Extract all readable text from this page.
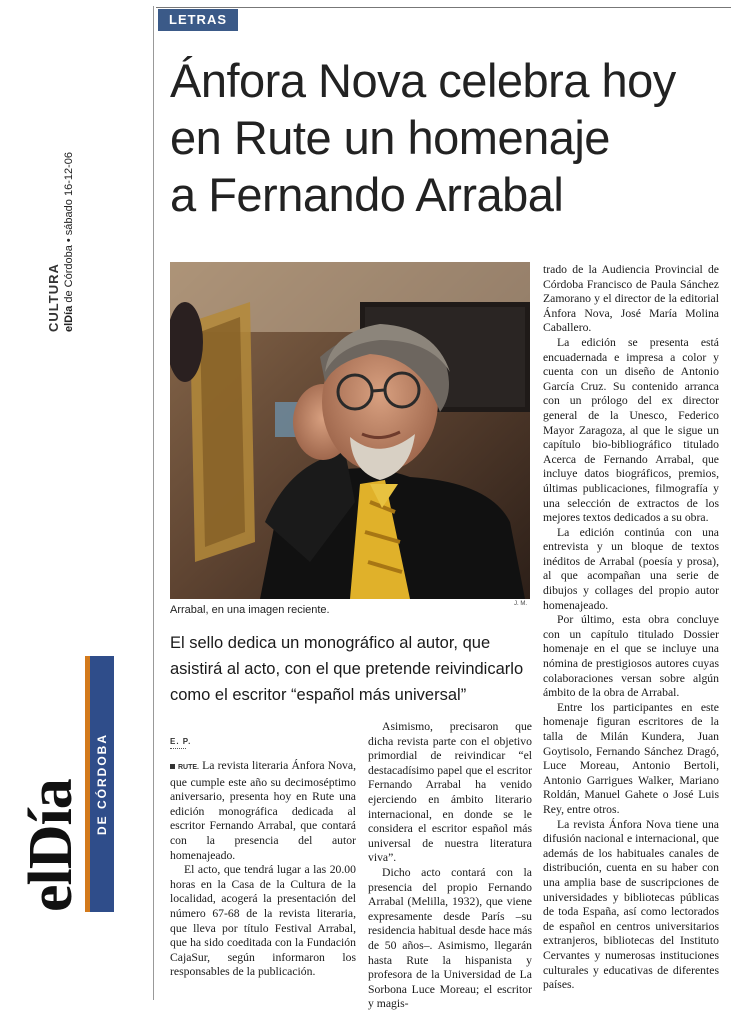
CULTURA elDía de Córdoba • sábado 16-12-06
LETRAS
Ánfora Nova celebra hoy
en Rute un homenaje
a Fernando Arrabal
Arrabal, en una imagen reciente.	J. M.
El sello dedica un monográfico al autor, que asistirá al acto, con el que pretende reivindicarlo como el escritor “español más universal”
elDía DE CÓRDOBA	E. P.

RUTE. La revista literaria Ánfora Nova, que cumple este año su decimoséptimo aniversario, presenta hoy en Rute una edición monográfica dedicada al escritor Fernando Arrabal, que contará con la presencia del autor homenajeado.

El acto, que tendrá lugar a las 20.00 horas en la Casa de la Cultura de la localidad, acogerá la presentación del número 67-68 de la revista literaria, que lleva por título Festival Arrabal, que ha sido coeditada con la Fundación CajaSur, según informaron los responsables de la publicación.

Asimismo, precisaron que dicha revista parte con el objetivo primordial de reivindicar “el destacadísimo papel que el escritor Fernando Arrabal ha venido ejerciendo en ámbito literario internacional, en donde se le considera el escritor español más universal de nuestra literatura viva”.

Dicho acto contará con la presencia del propio Fernando Arrabal (Melilla, 1932), que viene expresamente desde París –su residencia habitual desde hace más de 50 años–. Asimismo, llegarán hasta Rute la hispanista y profesora de la Universidad de La Sorbona Luce Moreau; el escritor y magis-

trado de la Audiencia Provincial de Córdoba Francisco de Paula Sánchez Zamorano y el director de la editorial Ánfora Nova, José María Molina Caballero.

La edición se presenta está encuadernada e impresa a color y cuenta con un diseño de Antonio García Cruz. Su contenido arranca con un prólogo del ex director general de la Unesco, Federico Mayor Zaragoza, al que le sigue un capítulo bio-bibliográfico titulado Acerca de Fernando Arrabal, que incluye datos biográficos, premios, últimas publicaciones, filmografía y una selección de extractos de los mejores textos dedicados a su obra.

La edición continúa con una entrevista y un bloque de textos inéditos de Arrabal (poesía y prosa), al que acompañan una serie de dibujos y collages del propio autor homenajeado.

Por último, esta obra concluye con un capítulo titulado Dossier homenaje en el que se incluye una nómina de prestigiosos autores cuyas colaboraciones versan sobre algún ámbito de la obra de Arrabal.

Entre los participantes en este homenaje figuran escritores de la talla de Milán Kundera, Juan Goytisolo, Fernando Sánchez Dragó, Luce Moreau, Antonio Bertoli, Antonio Garrigues Walker, Mariano Roldán, Manuel Gahete o José Luis Rey, entre otros.

La revista Ánfora Nova tiene una difusión nacional e internacional, que además de los habituales canales de distribución, cuenta en su haber con una amplia base de suscripciones de universidades y bibliotecas públicas de toda España, así como lectorados de español en centros universitarios extranjeros, bibliotecas del Instituto Cervantes y numerosas instituciones culturales y educativas de diferentes países.
